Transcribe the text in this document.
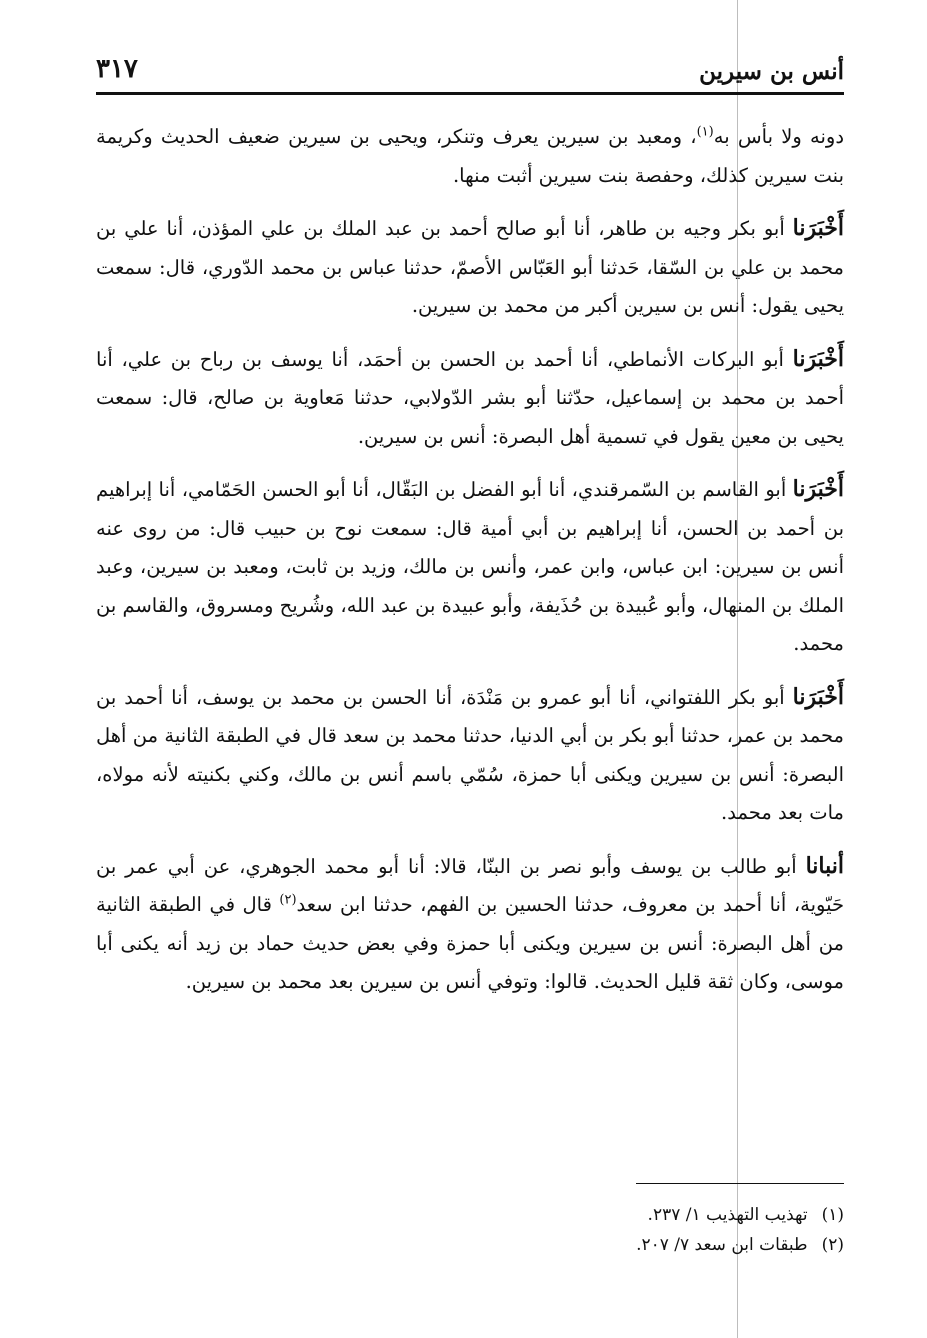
أنس بن سيرين
٣١٧

دونه ولا بأس به$^{(١)}$، ومعبد بن سيرين يعرف وتنكر، ويحيى بن سيرين ضعيف الحديث وكريمة بنت سيرين كذلك، وحفصة بنت سيرين أثبت منها.

أَخْبَرَنا أبو بكر وجيه بن طاهر، أنا أبو صالح أحمد بن عبد الملك بن علي المؤذن، أنا علي بن محمد بن علي بن السّقا، حَدثنا أبو العَبّاس الأصمّ، حدثنا عباس بن محمد الدّوري، قال: سمعت يحيى يقول: أنس بن سيرين أكبر من محمد بن سيرين.

أَخْبَرَنا أبو البركات الأنماطي، أنا أحمد بن الحسن بن أحمَد، أنا يوسف بن رباح بن علي، أنا أحمد بن محمد بن إسماعيل، حدّثنا أبو بشر الدّولابي، حدثنا مَعاوية بن صالح، قال: سمعت يحيى بن معين يقول في تسمية أهل البصرة: أنس بن سيرين.

أَخْبَرَنا أبو القاسم بن السّمرقندي، أنا أبو الفضل بن البَقّال، أنا أبو الحسن الحَمّامي، أنا إبراهيم بن أحمد بن الحسن، أنا إبراهيم بن أبي أمية قال: سمعت نوح بن حبيب قال: من روى عنه أنس بن سيرين: ابن عباس، وابن عمر، وأنس بن مالك، وزيد بن ثابت، ومعبد بن سيرين، وعبد الملك بن المنهال، وأبو عُبيدة بن حُذَيفة، وأبو عبيدة بن عبد الله، وشُريح ومسروق، والقاسم بن محمد.

أَخْبَرَنا أبو بكر اللفتواني، أنا أبو عمرو بن مَنْدَة، أنا الحسن بن محمد بن يوسف، أنا أحمد بن محمد بن عمر، حدثنا أبو بكر بن أبي الدنيا، حدثنا محمد بن سعد قال في الطبقة الثانية من أهل البصرة: أنس بن سيرين ويكنى أبا حمزة، سُمّي باسم أنس بن مالك، وكني بكنيته لأنه مولاه، مات بعد محمد.

أنبانا أبو طالب بن يوسف وأبو نصر بن البنّا، قالا: أنا أبو محمد الجوهري، عن أبي عمر بن حَيّوية، أنا أحمد بن معروف، حدثنا الحسين بن الفهم، حدثنا ابن سعد$^{(٢)}$ قال في الطبقة الثانية من أهل البصرة: أنس بن سيرين ويكنى أبا حمزة وفي بعض حديث حماد بن زيد أنه يكنى أبا موسى، وكان ثقة قليل الحديث. قالوا: وتوفي أنس بن سيرين بعد محمد بن سيرين.

(١)تهذيب التهذيب ١/ ٢٣٧.

(٢)طبقات ابن سعد ٧/ ٢٠٧.
